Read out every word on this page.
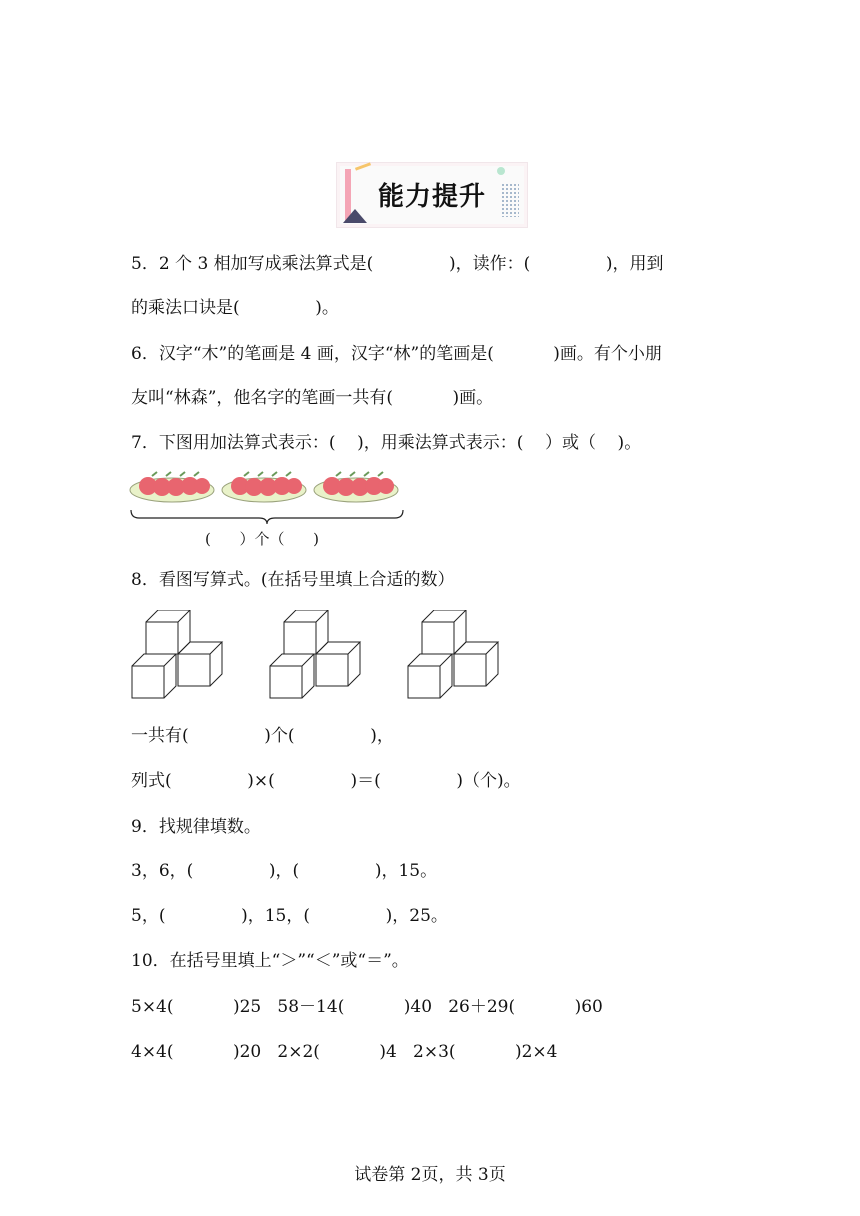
能力提升
5．2 个 3 相加写成乘法算式是(              )，读作：(              )，用到
的乘法口诀是(              )。
6．汉字“木”的笔画是 4 画，汉字“林”的笔画是(           )画。有个小朋
友叫“林森”，他名字的笔画一共有(           )画。
7．下图用加法算式表示：(    )，用乘法算式表示：(    ）或（    )。
(      ）个（      )
8．看图写算式。(在括号里填上合适的数）
一共有(              )个(              )，
列式(              )×(              )＝(              )（个)。
9．找规律填数。
3，6，(              )，(              )，15。
5，(              )，15，(              )，25。
10．在括号里填上“＞”“＜”或“＝”。
5×4(           )25   58－14(           )40   26＋29(           )60
4×4(           )20   2×2(           )4   2×3(           )2×4
试卷第 2页，共 3页
